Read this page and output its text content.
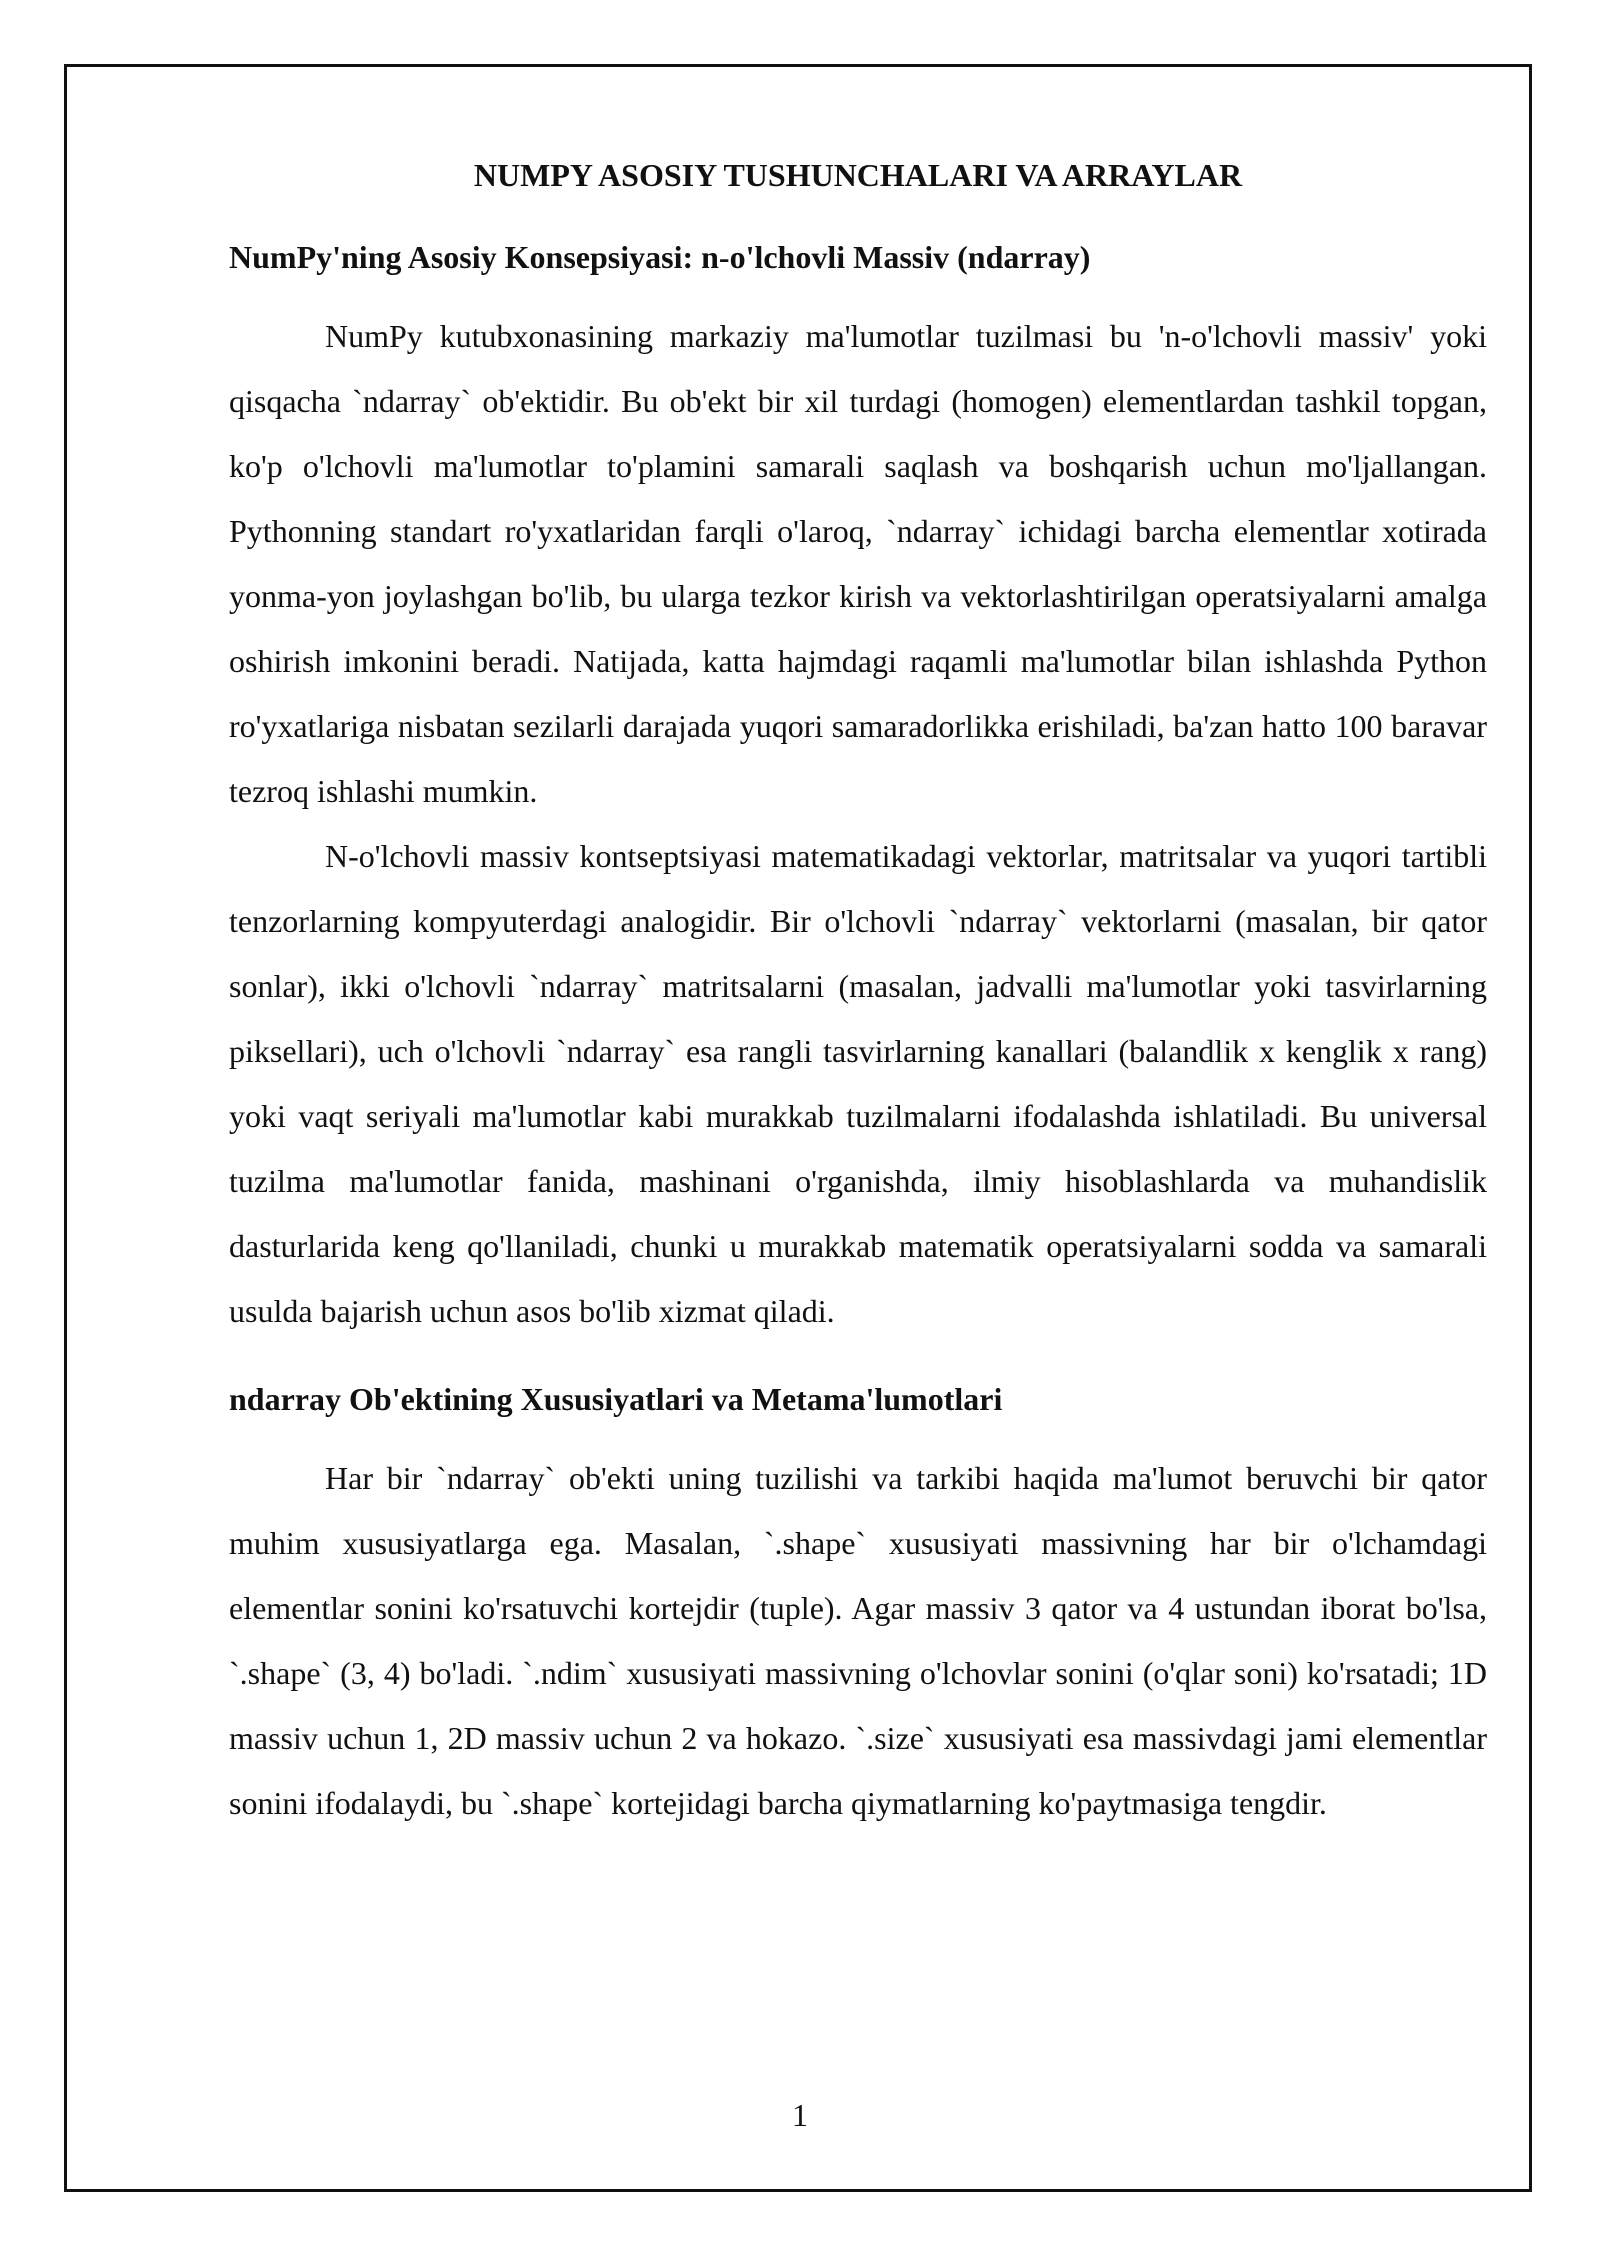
NUMPY ASOSIY TUSHUNCHALARI VA ARRAYLAR
NumPy'ning Asosiy Konsepsiyasi: n-o'lchovli Massiv (ndarray)

NumPy kutubxonasining markaziy ma'lumotlar tuzilmasi bu 'n-o'lchovli massiv' yoki qisqacha `ndarray` ob'ektidir. Bu ob'ekt bir xil turdagi (homogen) elementlardan tashkil topgan, ko'p o'lchovli ma'lumotlar to'plamini samarali saqlash va boshqarish uchun mo'ljallangan. Pythonning standart ro'yxatlaridan farqli o'laroq, `ndarray` ichidagi barcha elementlar xotirada yonma-yon joylashgan bo'lib, bu ularga tezkor kirish va vektorlashtirilgan operatsiyalarni amalga oshirish imkonini beradi. Natijada, katta hajmdagi raqamli ma'lumotlar bilan ishlashda Python ro'yxatlariga nisbatan sezilarli darajada yuqori samaradorlikka erishiladi, ba'zan hatto 100 baravar tezroq ishlashi mumkin.

N-o'lchovli massiv kontseptsiyasi matematikadagi vektorlar, matritsalar va yuqori tartibli tenzorlarning kompyuterdagi analogidir. Bir o'lchovli `ndarray` vektorlarni (masalan, bir qator sonlar), ikki o'lchovli `ndarray` matritsalarni (masalan, jadvalli ma'lumotlar yoki tasvirlarning piksellari), uch o'lchovli `ndarray` esa rangli tasvirlarning kanallari (balandlik x kenglik x rang) yoki vaqt seriyali ma'lumotlar kabi murakkab tuzilmalarni ifodalashda ishlatiladi. Bu universal tuzilma ma'lumotlar fanida, mashinani o'rganishda, ilmiy hisoblashlarda va muhandislik dasturlarida keng qo'llaniladi, chunki u murakkab matematik operatsiyalarni sodda va samarali usulda bajarish uchun asos bo'lib xizmat qiladi.

ndarray Ob'ektining Xususiyatlari va Metama'lumotlari

Har bir `ndarray` ob'ekti uning tuzilishi va tarkibi haqida ma'lumot beruvchi bir qator muhim xususiyatlarga ega. Masalan, `.shape` xususiyati massivning har bir o'lchamdagi elementlar sonini ko'rsatuvchi kortejdir (tuple). Agar massiv 3 qator va 4 ustundan iborat bo'lsa, `.shape` (3, 4) bo'ladi. `.ndim` xususiyati massivning o'lchovlar sonini (o'qlar soni) ko'rsatadi; 1D massiv uchun 1, 2D massiv uchun 2 va hokazo. `.size` xususiyati esa massivdagi jami elementlar sonini ifodalaydi, bu `.shape` kortejidagi barcha qiymatlarning ko'paytmasiga tengdir.

1
